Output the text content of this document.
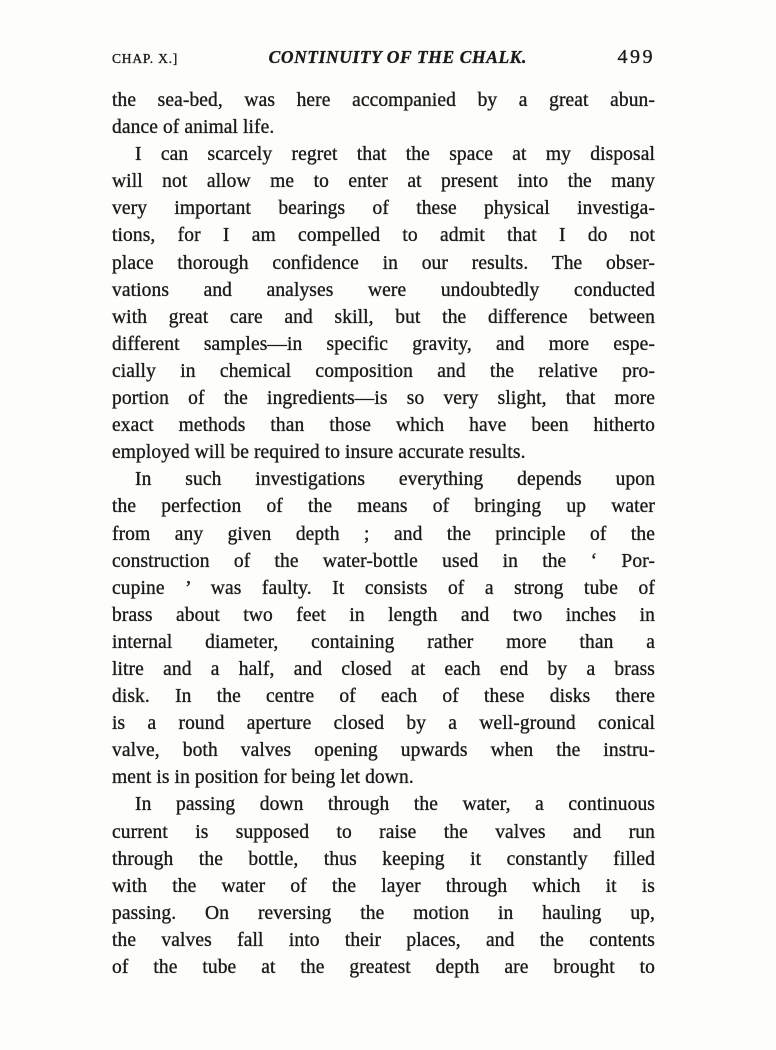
CHAP. X.]	CONTINUITY OF THE CHALK.	499
the sea-bed, was here accompanied by a great abun-
dance of animal life.
I can scarcely regret that the space at my disposal
will not allow me to enter at present into the many
very important bearings of these physical investiga-
tions, for I am compelled to admit that I do not
place thorough confidence in our results. The obser-
vations and analyses were undoubtedly conducted
with great care and skill, but the difference between
different samples—in specific gravity, and more espe-
cially in chemical composition and the relative pro-
portion of the ingredients—is so very slight, that more
exact methods than those which have been hitherto
employed will be required to insure accurate results.
In such investigations everything depends upon
the perfection of the means of bringing up water
from any given depth ; and the principle of the
construction of the water-bottle used in the ‘ Por-
cupine ’ was faulty. It consists of a strong tube of
brass about two feet in length and two inches in
internal diameter, containing rather more than a
litre and a half, and closed at each end by a brass
disk. In the centre of each of these disks there
is a round aperture closed by a well-ground conical
valve, both valves opening upwards when the instru-
ment is in position for being let down.
In passing down through the water, a continuous
current is supposed to raise the valves and run
through the bottle, thus keeping it constantly filled
with the water of the layer through which it is
passing. On reversing the motion in hauling up,
the valves fall into their places, and the contents
of the tube at the greatest depth are brought to
